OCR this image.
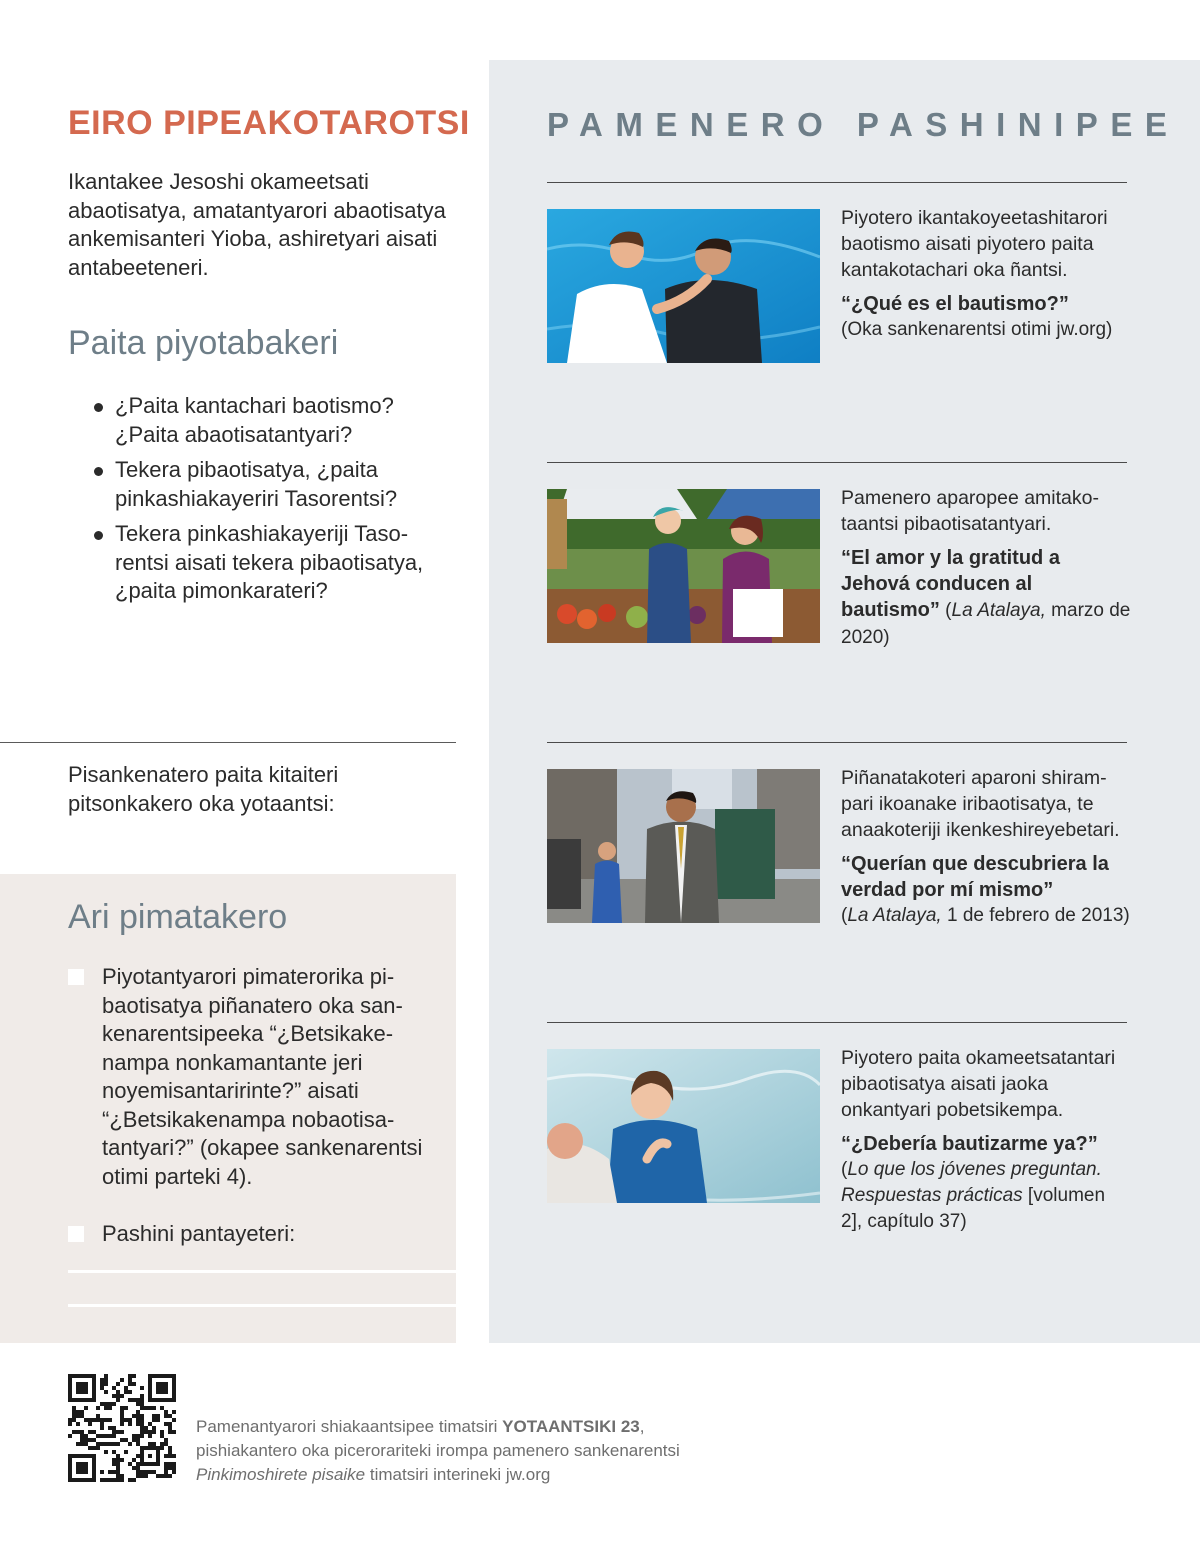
EIRO PIPEAKOTAROTSI

Ikantakee Jesoshi okameetsati abaotisatya, amatantyarori abaotisatya ankemisanteri Yioba, ashiretyari aisati antabeeteneri.

Paita piyotabakeri
¿Paita kantachari baotismo? ¿Paita abaotisatantyari?
Tekera pibaotisatya, ¿paita pinkashiakayeriri Tasorentsi?
Tekera pinkashiakayeriji Tasorentsi aisati tekera pibaotisatya, ¿paita pimonkarateri?

Pisankenatero paita kitaiteri pitsonkakero oka yotaantsi:

Ari pimatakero
Piyotantyarori pimaterorika pibaotisatya piñanatero oka sankenarentsipeeka “¿Betsikakenampa nonkamantante jeri noyemisantaririnte?” aisati “¿Betsikakenampa nobaotisatantyari?” (okapee sankenarentsi otimi parteki 4).
Pashini pantayeteri:
PAMENERO PASHINIPEE

Piyotero ikantakoyeetashitarori baotismo aisati piyotero paita kantakotachari oka ñantsi.

“¿Qué es el bautismo?”
(Oka sankenarentsi otimi jw.org)

Pamenero aparopee amitakotaantsi pibaotisatantyari.

“El amor y la gratitud a Jehová conducen al bautismo” (La Atalaya, marzo de 2020)

Piñanatakoteri aparoni shirampari ikoanake iribaotisatya, te anaakoteriji ikenkeshireyebetari.

“Querían que descubriera la verdad por mí mismo”
(La Atalaya, 1 de febrero de 2013)

Piyotero paita okameetsatantari pibaotisatya aisati jaoka onkantyari pobetsikempa.

“¿Debería bautizarme ya?”
(Lo que los jóvenes preguntan. Respuestas prácticas [volumen 2], capítulo 37)

Pamenantyarori shiakaantsipee timatsiri YOTAANTSIKI 23, pishiakantero oka picerorariteki irompa pamenero sankenarentsi Pinkimoshirete pisaike timatsiri interineki jw.org
